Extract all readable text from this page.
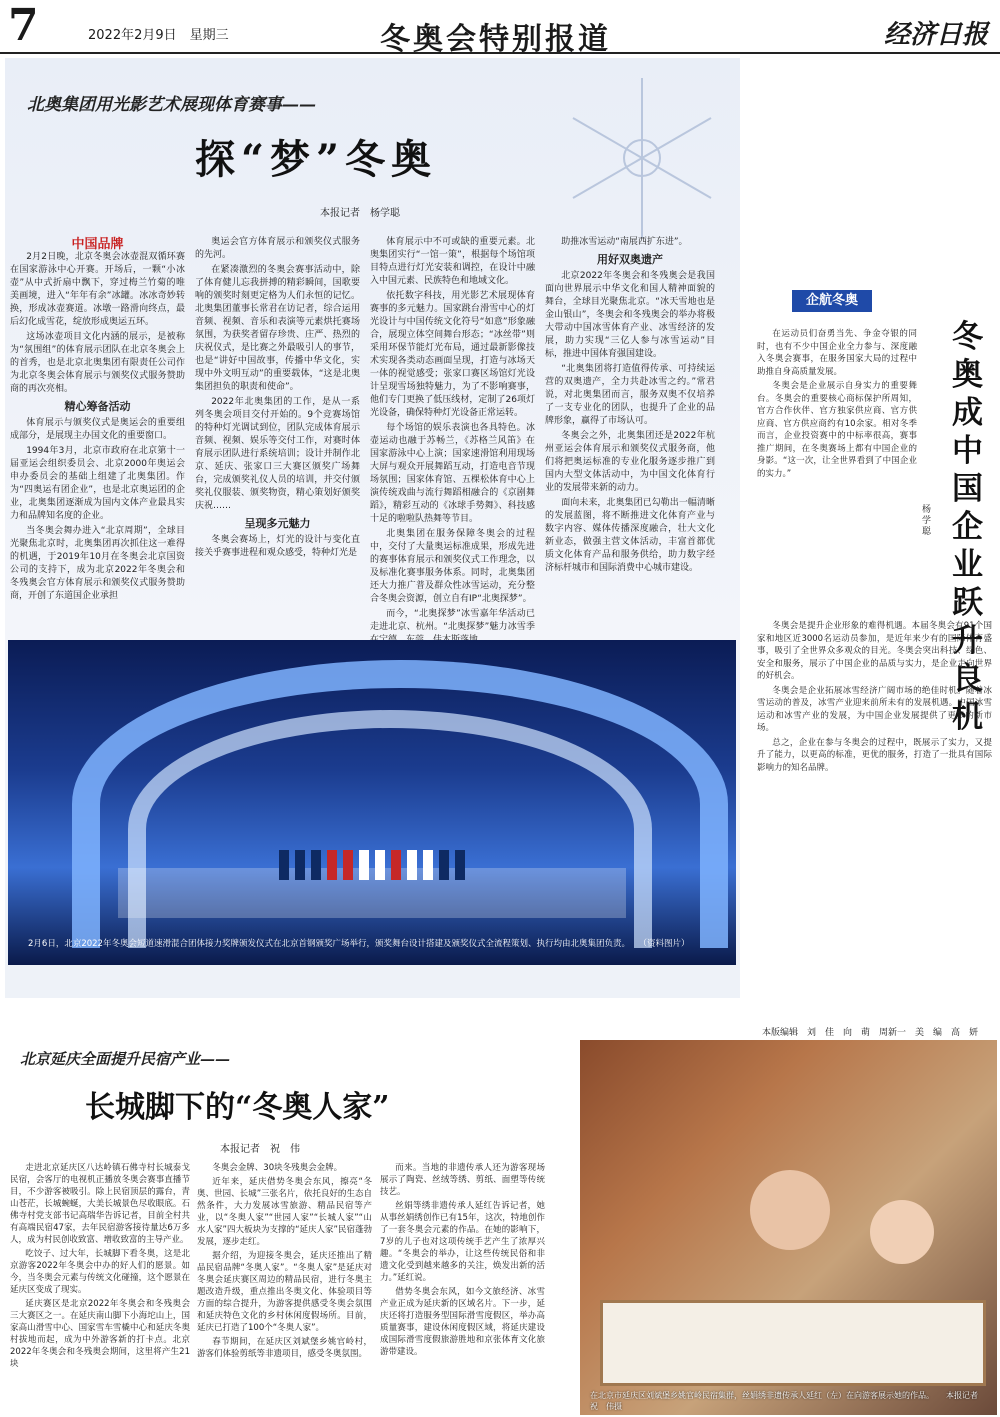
7	2022年2月9日　星期三	冬奥会特别报道	经济日报
北奥集团用光影艺术展现体育赛事——
探“梦”冬奥
本报记者　杨学聪
中国品牌

2月2日晚，北京冬奥会冰壶混双循环赛在国家游泳中心开赛。开场后，一颗“小冰壶”从中式折扇中飘下，穿过梅兰竹菊的唯美画境，进入“年年有余”冰罐。冰冰奇妙转换，形成冰壶赛道。冰墩一路滑向终点，最后幻化成雪花，绽放形成奥运五环。

这场冰壶项目文化内涵的展示，是被称为“氛围组”的体育展示团队在北京冬奥会上的首秀，也是北京北奥集团有限责任公司作为北京冬奥会体育展示与颁奖仪式服务赞助商的再次亮相。

精心筹备活动

体育展示与颁奖仪式是奥运会的重要组成部分，是展现主办国文化的重要窗口。

1994年3月，北京市政府在北京第十一届亚运会组织委员会、北京2000年奥运会申办委员会的基础上组建了北奥集团。作为“四奥运有团企业”，也是北京奥运团的企业，北奥集团逐渐成为国内文体产业最具实力和品牌知名度的企业。

当冬奥会舞办进入“北京周期”，全球目光聚焦北京时，北奥集团再次抓住这一难得的机遇，于2019年10月在冬奥会北京国资公司的支持下，成为北京2022年冬奥会和冬残奥会官方体育展示和颁奖仪式服务赞助商，开创了东道国企业承担

奥运会官方体育展示和颁奖仪式服务的先河。

在紧凑激烈的冬奥会赛事活动中，除了体育健儿忘我拼搏的精彩瞬间，国歌要响的颁奖时刻更定格为人们永恒的记忆。北奥集团董事长常君在访记者，综合运用音频、视频、音乐和表演等元素烘托赛场氛围，为获奖者留存珍贵、庄严、热烈的庆祝仪式，是比赛之外最吸引人的事节，也是“讲好中国故事，传播中华文化，实现中外文明互动”的重要载体，“这是北奥集团担负的职责和使命”。

2022年北奥集团的工作，是从一系列冬奥会项目交付开始的。9个竞赛场馆的特种灯光调试到位，团队完成体育展示音频、视频、娱乐等交付工作，对赛时体育展示团队进行系统培训；设计并制作北京、延庆、张家口三大赛区颁奖广场舞台，完成颁奖礼仪人员的培训，并交付颁奖礼仪服装、颁奖物资，精心策划好颁奖庆祝……

呈现多元魅力

冬奥会赛场上，灯光的设计与变化直接关乎赛事进程和观众感受，特种灯光是

体育展示中不可或缺的重要元素。北奥集团实行“一馆一策”，根据每个场馆项目特点进行灯光安装和调控，在设计中融入中国元素、民族特色和地域文化。

依托数字科技，用光影艺术展现体育赛事的多元魅力。国家跳台滑雪中心的灯光设计与中国传统文化符号“如意”形象融合，展现立体空间舞台形态；“冰丝带”则采用环保节能灯光布局，通过最新影像技术实现各类动态画面呈现，打造与冰场天一体的视觉感受；张家口赛区场馆灯光设计呈现雪场独特魅力，为了不影响赛事，他们专门更换了低压线材，定制了26项灯光设备，确保特种灯光设备正常运转。

每个场馆的娱乐表演也各具特色。冰壶运动也融于苏畅兰，《苏格兰风笛》在国家游泳中心上演；国家速滑馆利用现场大屏与观众开展舞蹈互动，打造电音节现场氛围；国家体育馆、五棵松体育中心上演传统戏曲与流行舞蹈相融合的《京剧舞蹈》，精彩互动的《冰球手势舞》、科技感十足的啦啦队热舞等节目。

北奥集团在服务保障冬奥会的过程中，交付了大量奥运标准成果，形成先进的赛事体育展示和颁奖仪式工作理念，以及标准化赛事服务体系。同时，北奥集团还大力推广普及群众性冰雪运动，充分整合冬奥会资源，创立自有IP“北奥探梦”。

而今，“北奥探梦”冰雪嘉年华活动已走进北京、杭州。“北奥探梦”魅力冰雪季

助推冰雪运动“南展西扩东进”。

用好双奥遗产

北京2022年冬奥会和冬残奥会是我国面向世界展示中华文化和国人精神面貌的舞台，全球目光聚焦北京。“冰天雪地也是金山银山”，冬奥会和冬残奥会的举办将极大带动中国冰雪体育产业、冰雪经济的发展，助力实现“三亿人参与冰雪运动”目标，推进中国体育强国建设。

“北奥集团将打造值得传承、可持续运营的双奥遗产，全力共赴冰雪之约。”常君说，对北奥集团而言，服务双奥不仅培养了一支专业化的团队，也提升了企业的品牌形象，赢得了市场认可。

冬奥会之外，北奥集团还是2022年杭州亚运会体育展示和颁奖仪式服务商，他们将把奥运标准的专业化服务逐步推广到国内大型文体活动中，为中国文化体育行业的发展带来新的动力。

面向未来，北奥集团已勾勒出一幅清晰的发展蓝图，将不断推进文化体育产业与数字内容、媒体传播深度融合，壮大文化新业态，做强主营文体活动，丰富首都优质文化体育产品和服务供给，助力数字经济标杆城市和国际消费中心城市建设。

2月6日，北京2022年冬奥会短道速滑混合团体接力奖牌颁发仪式在北京首钢颁奖广场举行，颁奖舞台设计搭建及颁奖仪式全流程策划、执行均由北奥集团负责。　　（资料图片）
企航冬奥
冬奥成中国企业跃升良机
杨学聪

在运动员们奋勇当先、争金夺银的同时，也有不少中国企业全力参与、深度融入冬奥会赛事，在服务国家大局的过程中助推自身高质量发展。

冬奥会是企业展示自身实力的重要舞台。冬奥会的重要核心商标保护所周知，官方合作伙伴、官方独家供应商、官方供应商、官方供应商约有10余家。相对冬季而言，企业投资赛中的中标率很高，赛事推广期间，在冬奥赛场上都有中国企业的身影。“这一次，让全世界看到了中国企业的实力。”

冬奥会是提升企业形象的难得机遇。本届冬奥会有91个国家和地区近3000名运动员参加，是近年来少有的国际体育盛事，吸引了全世界众多观众的目光。冬奥会突出科技、绿色、安全和服务，展示了中国企业的品质与实力，是企业走向世界的好机会。

冬奥会是企业拓展冰雪经济广阔市场的绝佳时机。随着冰雪运动的普及，冰雪产业迎来前所未有的发展机遇。中国冰雪运动和冰雪产业的发展，为中国企业发展提供了更多的新市场。

总之，企业在参与冬奥会的过程中，既展示了实力，又提升了能力，以更高的标准，更优的服务，打造了一批具有国际影响力的知名品牌。

本版编辑　刘　佳　向　萌　周新一　美　编　高　妍
北京延庆全面提升民宿产业——
长城脚下的“冬奥人家”
本报记者　祝　伟

走进北京延庆区八达岭镇石佛寺村长城泰戈民宿，会客厅的电视机正播放冬奥会赛事直播节目，不少游客被吸引。除上民宿顶层的露台，青山苍茫，长城蜿蜒，大美长城景色尽收眼底。石佛寺村党支部书记高瑞华告诉记者，目前全村共有高端民宿47家，去年民宿游客接待量达6万多人，成为村民创收致富、增收致富的主导产业。

吃饺子、过大年，长城脚下看冬奥，这是北京游客2022年冬奥会中办的好人们的愿景。如今，当冬奥会元素与传统文化碰撞，这个愿景在延庆区变成了现实。

延庆赛区是北京2022年冬奥会和冬残奥会三大赛区之一。在延庆南山脚下小海坨山上，国家高山滑雪中心、国家雪车雪橇中心和延庆冬奥村拔地而起，成为中外游客新的打卡点。北京2022年冬奥会和冬残奥会期间，这里将产生21块

冬奥会金牌、30块冬残奥会金牌。

近年来，延庆借势冬奥会东风，擦亮“冬奥、世园、长城”三张名片，依托良好的生态自然条件，大力发展冰雪旅游、精品民宿等产业，以“冬奥人家”“世园人家”“长城人家”“山水人家”四大板块为支撑的“延庆人家”民宿蓬勃发展，逐步走红。

据介绍，为迎接冬奥会，延庆还推出了精品民宿品牌“冬奥人家”。“冬奥人家”是延庆对冬奥会延庆赛区周边的精品民宿，进行冬奥主题改造升级，重点推出冬奥文化、体验项目等方面的综合提升，为游客提供感受冬奥会氛围和延庆特色文化的乡村休闲度假场所。目前，延庆已打造了100个“冬奥人家”。

春节期间，在延庆区刘斌堡乡姚官岭村，游客们体验剪纸等非遗项目，感受冬奥氛围。

而来。当地的非遗传承人还为游客现场展示了陶瓷、丝绒等绣、剪纸、面塑等传统技艺。

丝娟等绣非遗传承人延红告诉记者，她从事丝娟绣创作已有15年，这次，特地创作了一套冬奥会元素的作品。在她的影响下，7岁的儿子也对这项传统手艺产生了浓厚兴趣。“冬奥会的举办，让这些传统民俗和非遗文化受到越来越多的关注，焕发出新的活力。”延红说。

借势冬奥会东风，如今文旅经济、冰雪产业正成为延庆新的区域名片。下一步，延庆还将打造服务型国际滑雪度假区，举办高质量赛事，建设休闲度假区域，将延庆建设成国际滑雪度假旅游胜地和京张体育文化旅游带建设。

在北京市延庆区刘斌堡乡姚官岭民宿集群，丝娟绣非遗传承人延红（左）在向游客展示她的作品。　　本报记者　祝　伟摄
